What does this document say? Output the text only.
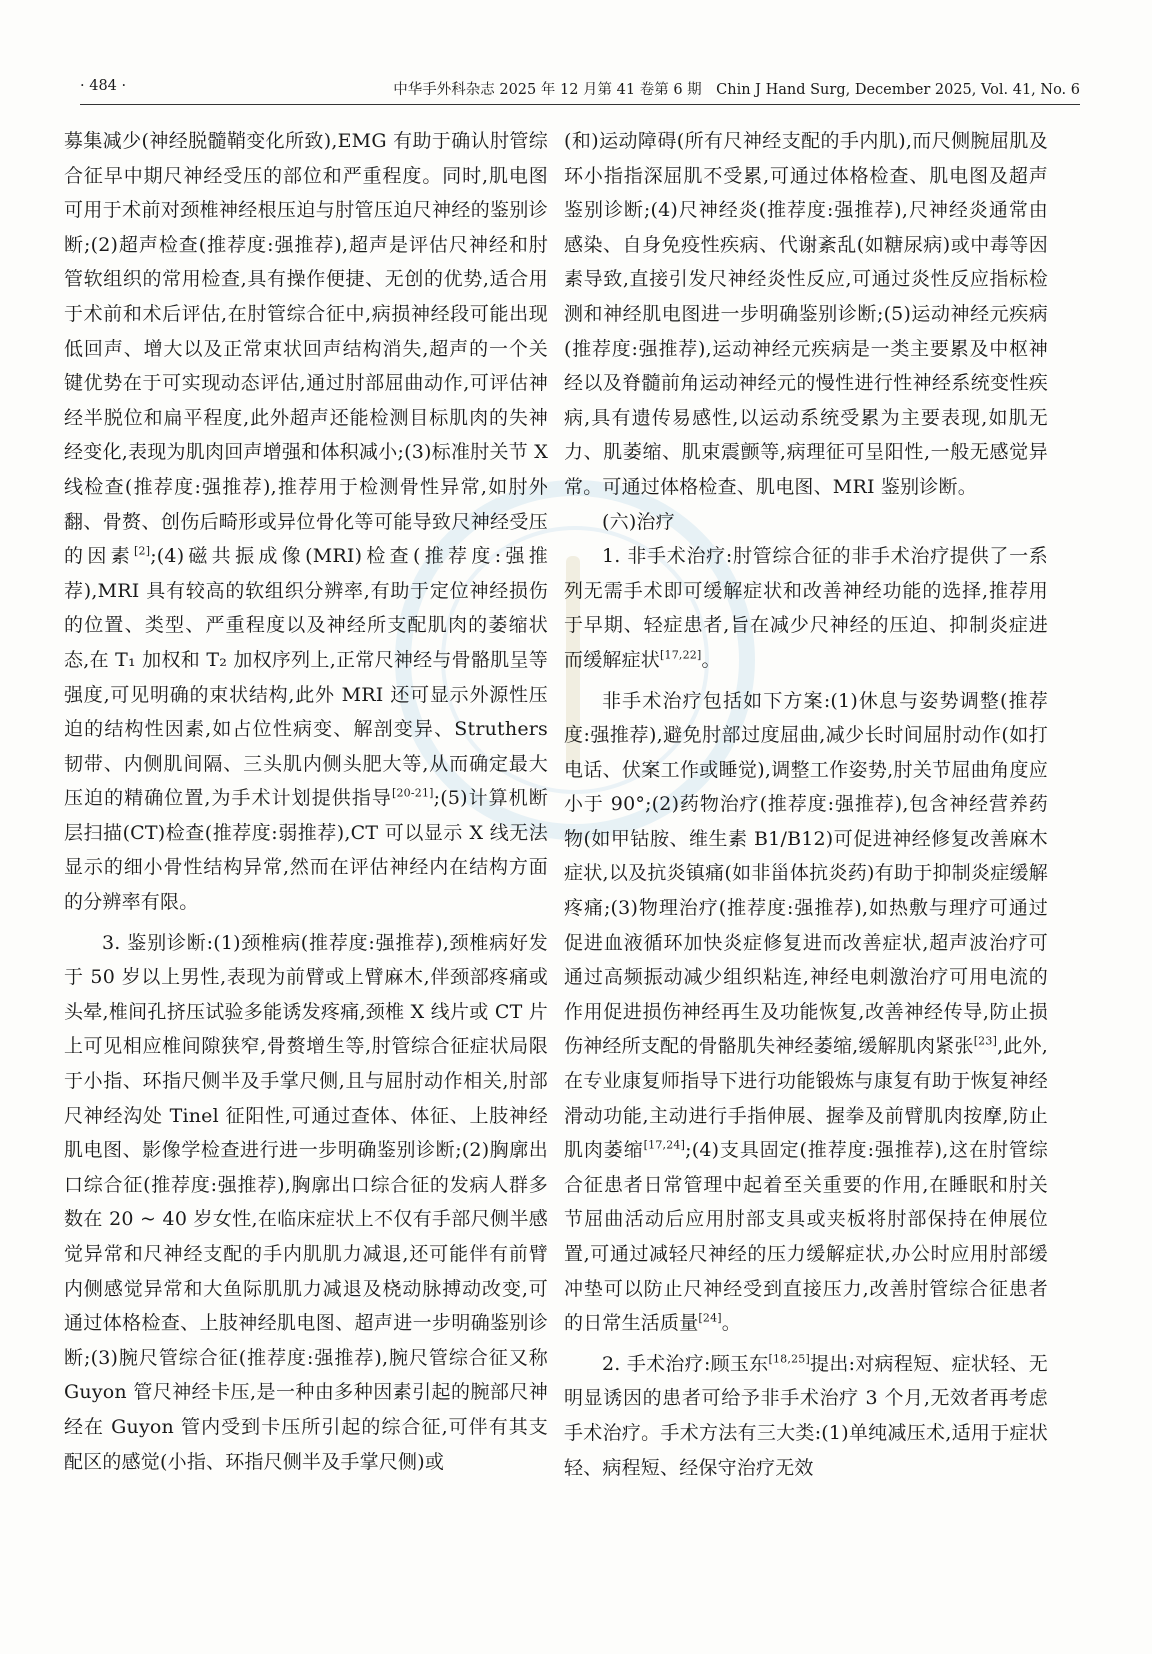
· 484 ·	中华手外科杂志 2025 年 12 月第 41 卷第 6 期　Chin J Hand Surg, December 2025, Vol. 41, No. 6

募集减少(神经脱髓鞘变化所致),EMG 有助于确认肘管综合征早中期尺神经受压的部位和严重程度。同时,肌电图可用于术前对颈椎神经根压迫与肘管压迫尺神经的鉴别诊断;(2)超声检查(推荐度:强推荐),超声是评估尺神经和肘管软组织的常用检查,具有操作便捷、无创的优势,适合用于术前和术后评估,在肘管综合征中,病损神经段可能出现低回声、增大以及正常束状回声结构消失,超声的一个关键优势在于可实现动态评估,通过肘部屈曲动作,可评估神经半脱位和扁平程度,此外超声还能检测目标肌肉的失神经变化,表现为肌肉回声增强和体积减小;(3)标准肘关节 X 线检查(推荐度:强推荐),推荐用于检测骨性异常,如肘外翻、骨赘、创伤后畸形或异位骨化等可能导致尺神经受压的因素[2];(4)磁共振成像(MRI)检查(推荐度:强推荐),MRI 具有较高的软组织分辨率,有助于定位神经损伤的位置、类型、严重程度以及神经所支配肌肉的萎缩状态,在 T₁ 加权和 T₂ 加权序列上,正常尺神经与骨骼肌呈等强度,可见明确的束状结构,此外 MRI 还可显示外源性压迫的结构性因素,如占位性病变、解剖变异、Struthers 韧带、内侧肌间隔、三头肌内侧头肥大等,从而确定最大压迫的精确位置,为手术计划提供指导[20-21];(5)计算机断层扫描(CT)检查(推荐度:弱推荐),CT 可以显示 X 线无法显示的细小骨性结构异常,然而在评估神经内在结构方面的分辨率有限。

3. 鉴别诊断:(1)颈椎病(推荐度:强推荐),颈椎病好发于 50 岁以上男性,表现为前臂或上臂麻木,伴颈部疼痛或头晕,椎间孔挤压试验多能诱发疼痛,颈椎 X 线片或 CT 片上可见相应椎间隙狭窄,骨赘增生等,肘管综合征症状局限于小指、环指尺侧半及手掌尺侧,且与屈肘动作相关,肘部尺神经沟处 Tinel 征阳性,可通过查体、体征、上肢神经肌电图、影像学检查进行进一步明确鉴别诊断;(2)胸廓出口综合征(推荐度:强推荐),胸廓出口综合征的发病人群多数在 20 ~ 40 岁女性,在临床症状上不仅有手部尺侧半感觉异常和尺神经支配的手内肌肌力减退,还可能伴有前臂内侧感觉异常和大鱼际肌肌力减退及桡动脉搏动改变,可通过体格检查、上肢神经肌电图、超声进一步明确鉴别诊断;(3)腕尺管综合征(推荐度:强推荐),腕尺管综合征又称 Guyon 管尺神经卡压,是一种由多种因素引起的腕部尺神经在 Guyon 管内受到卡压所引起的综合征,可伴有其支配区的感觉(小指、环指尺侧半及手掌尺侧)或

(和)运动障碍(所有尺神经支配的手内肌),而尺侧腕屈肌及环小指指深屈肌不受累,可通过体格检查、肌电图及超声鉴别诊断;(4)尺神经炎(推荐度:强推荐),尺神经炎通常由感染、自身免疫性疾病、代谢紊乱(如糖尿病)或中毒等因素导致,直接引发尺神经炎性反应,可通过炎性反应指标检测和神经肌电图进一步明确鉴别诊断;(5)运动神经元疾病(推荐度:强推荐),运动神经元疾病是一类主要累及中枢神经以及脊髓前角运动神经元的慢性进行性神经系统变性疾病,具有遗传易感性,以运动系统受累为主要表现,如肌无力、肌萎缩、肌束震颤等,病理征可呈阳性,一般无感觉异常。可通过体格检查、肌电图、MRI 鉴别诊断。

(六)治疗

1. 非手术治疗:肘管综合征的非手术治疗提供了一系列无需手术即可缓解症状和改善神经功能的选择,推荐用于早期、轻症患者,旨在减少尺神经的压迫、抑制炎症进而缓解症状[17,22]。

非手术治疗包括如下方案:(1)休息与姿势调整(推荐度:强推荐),避免肘部过度屈曲,减少长时间屈肘动作(如打电话、伏案工作或睡觉),调整工作姿势,肘关节屈曲角度应小于 90°;(2)药物治疗(推荐度:强推荐),包含神经营养药物(如甲钴胺、维生素 B1/B12)可促进神经修复改善麻木症状,以及抗炎镇痛(如非甾体抗炎药)有助于抑制炎症缓解疼痛;(3)物理治疗(推荐度:强推荐),如热敷与理疗可通过促进血液循环加快炎症修复进而改善症状,超声波治疗可通过高频振动减少组织粘连,神经电刺激治疗可用电流的作用促进损伤神经再生及功能恢复,改善神经传导,防止损伤神经所支配的骨骼肌失神经萎缩,缓解肌肉紧张[23],此外,在专业康复师指导下进行功能锻炼与康复有助于恢复神经滑动功能,主动进行手指伸展、握拳及前臂肌肉按摩,防止肌肉萎缩[17,24];(4)支具固定(推荐度:强推荐),这在肘管综合征患者日常管理中起着至关重要的作用,在睡眠和肘关节屈曲活动后应用肘部支具或夹板将肘部保持在伸展位置,可通过减轻尺神经的压力缓解症状,办公时应用肘部缓冲垫可以防止尺神经受到直接压力,改善肘管综合征患者的日常生活质量[24]。

2. 手术治疗:顾玉东[18,25]提出:对病程短、症状轻、无明显诱因的患者可给予非手术治疗 3 个月,无效者再考虑手术治疗。手术方法有三大类:(1)单纯减压术,适用于症状轻、病程短、经保守治疗无效
